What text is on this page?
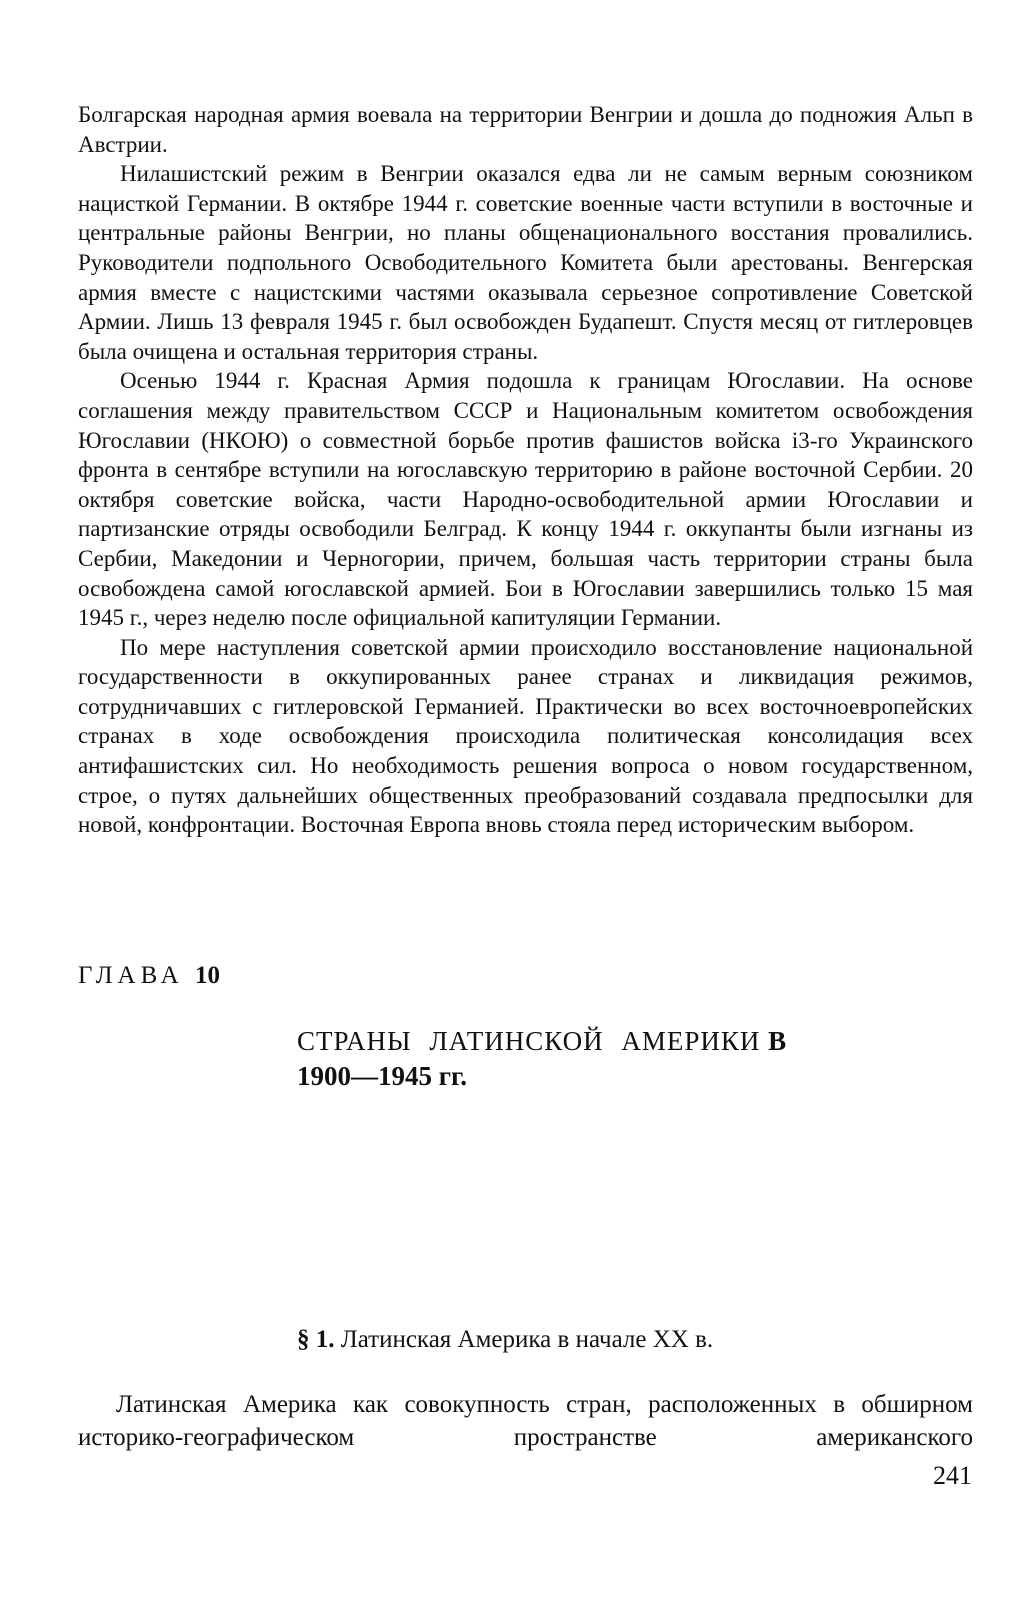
Болгарская народная армия воевала на территории Венгрии и дошла до подножия Альп в Австрии.

Нилашистский режим в Венгрии оказался едва ли не самым верным союзником нацисткой Германии. В октябре 1944 г. советские военные части вступили в восточные и центральные районы Венгрии, но планы общенационального восстания провалились. Руководители подпольного Освободительного Комитета были арестованы. Венгерская армия вместе с нацистскими частями оказывала серьезное сопротивление Советской Армии. Лишь 13 февраля 1945 г. был освобожден Будапешт. Спустя месяц от гитлеровцев была очищена и остальная территория страны.

Осенью 1944 г. Красная Армия подошла к границам Югославии. На основе соглашения между правительством СССР и Национальным комитетом освобождения Югославии (НКОЮ) о совместной борьбе против фашистов войска і3-го Украинского фронта в сентябре вступили на югославскую территорию в районе восточной Сербии. 20 октября советские войска, части Народно-освободительной армии Югославии и партизанские отряды освободили Белград. К концу 1944 г. оккупанты были изгнаны из Сербии, Македонии и Черногории, причем, большая часть территории страны была освобождена самой югославской армией. Бои в Югославии завершились только 15 мая 1945 г., через неделю после официальной капитуляции Германии.

По мере наступления советской армии происходило восстановление национальной государственности в оккупированных ранее странах и ликвидация режимов, сотрудничавших с гитлеровской Германией. Практически во всех восточноевропейских странах в ходе освобождения происходила политическая консолидация всех антифашистских сил. Но необходимость решения вопроса о новом государственном, строе, о путях дальнейших общественных преобразований создавала предпосылки для новой, конфронтации. Восточная Европа вновь стояла перед историческим выбором.

ГЛАВА 10
СТРАНЫ ЛАТИНСКОЙ АМЕРИКИ В
1900—1945 гг.
§ 1. Латинская Америка в начале XX в.

Латинская Америка как совокупность стран, расположенных в обширном историко-географическом пространстве американского

241
